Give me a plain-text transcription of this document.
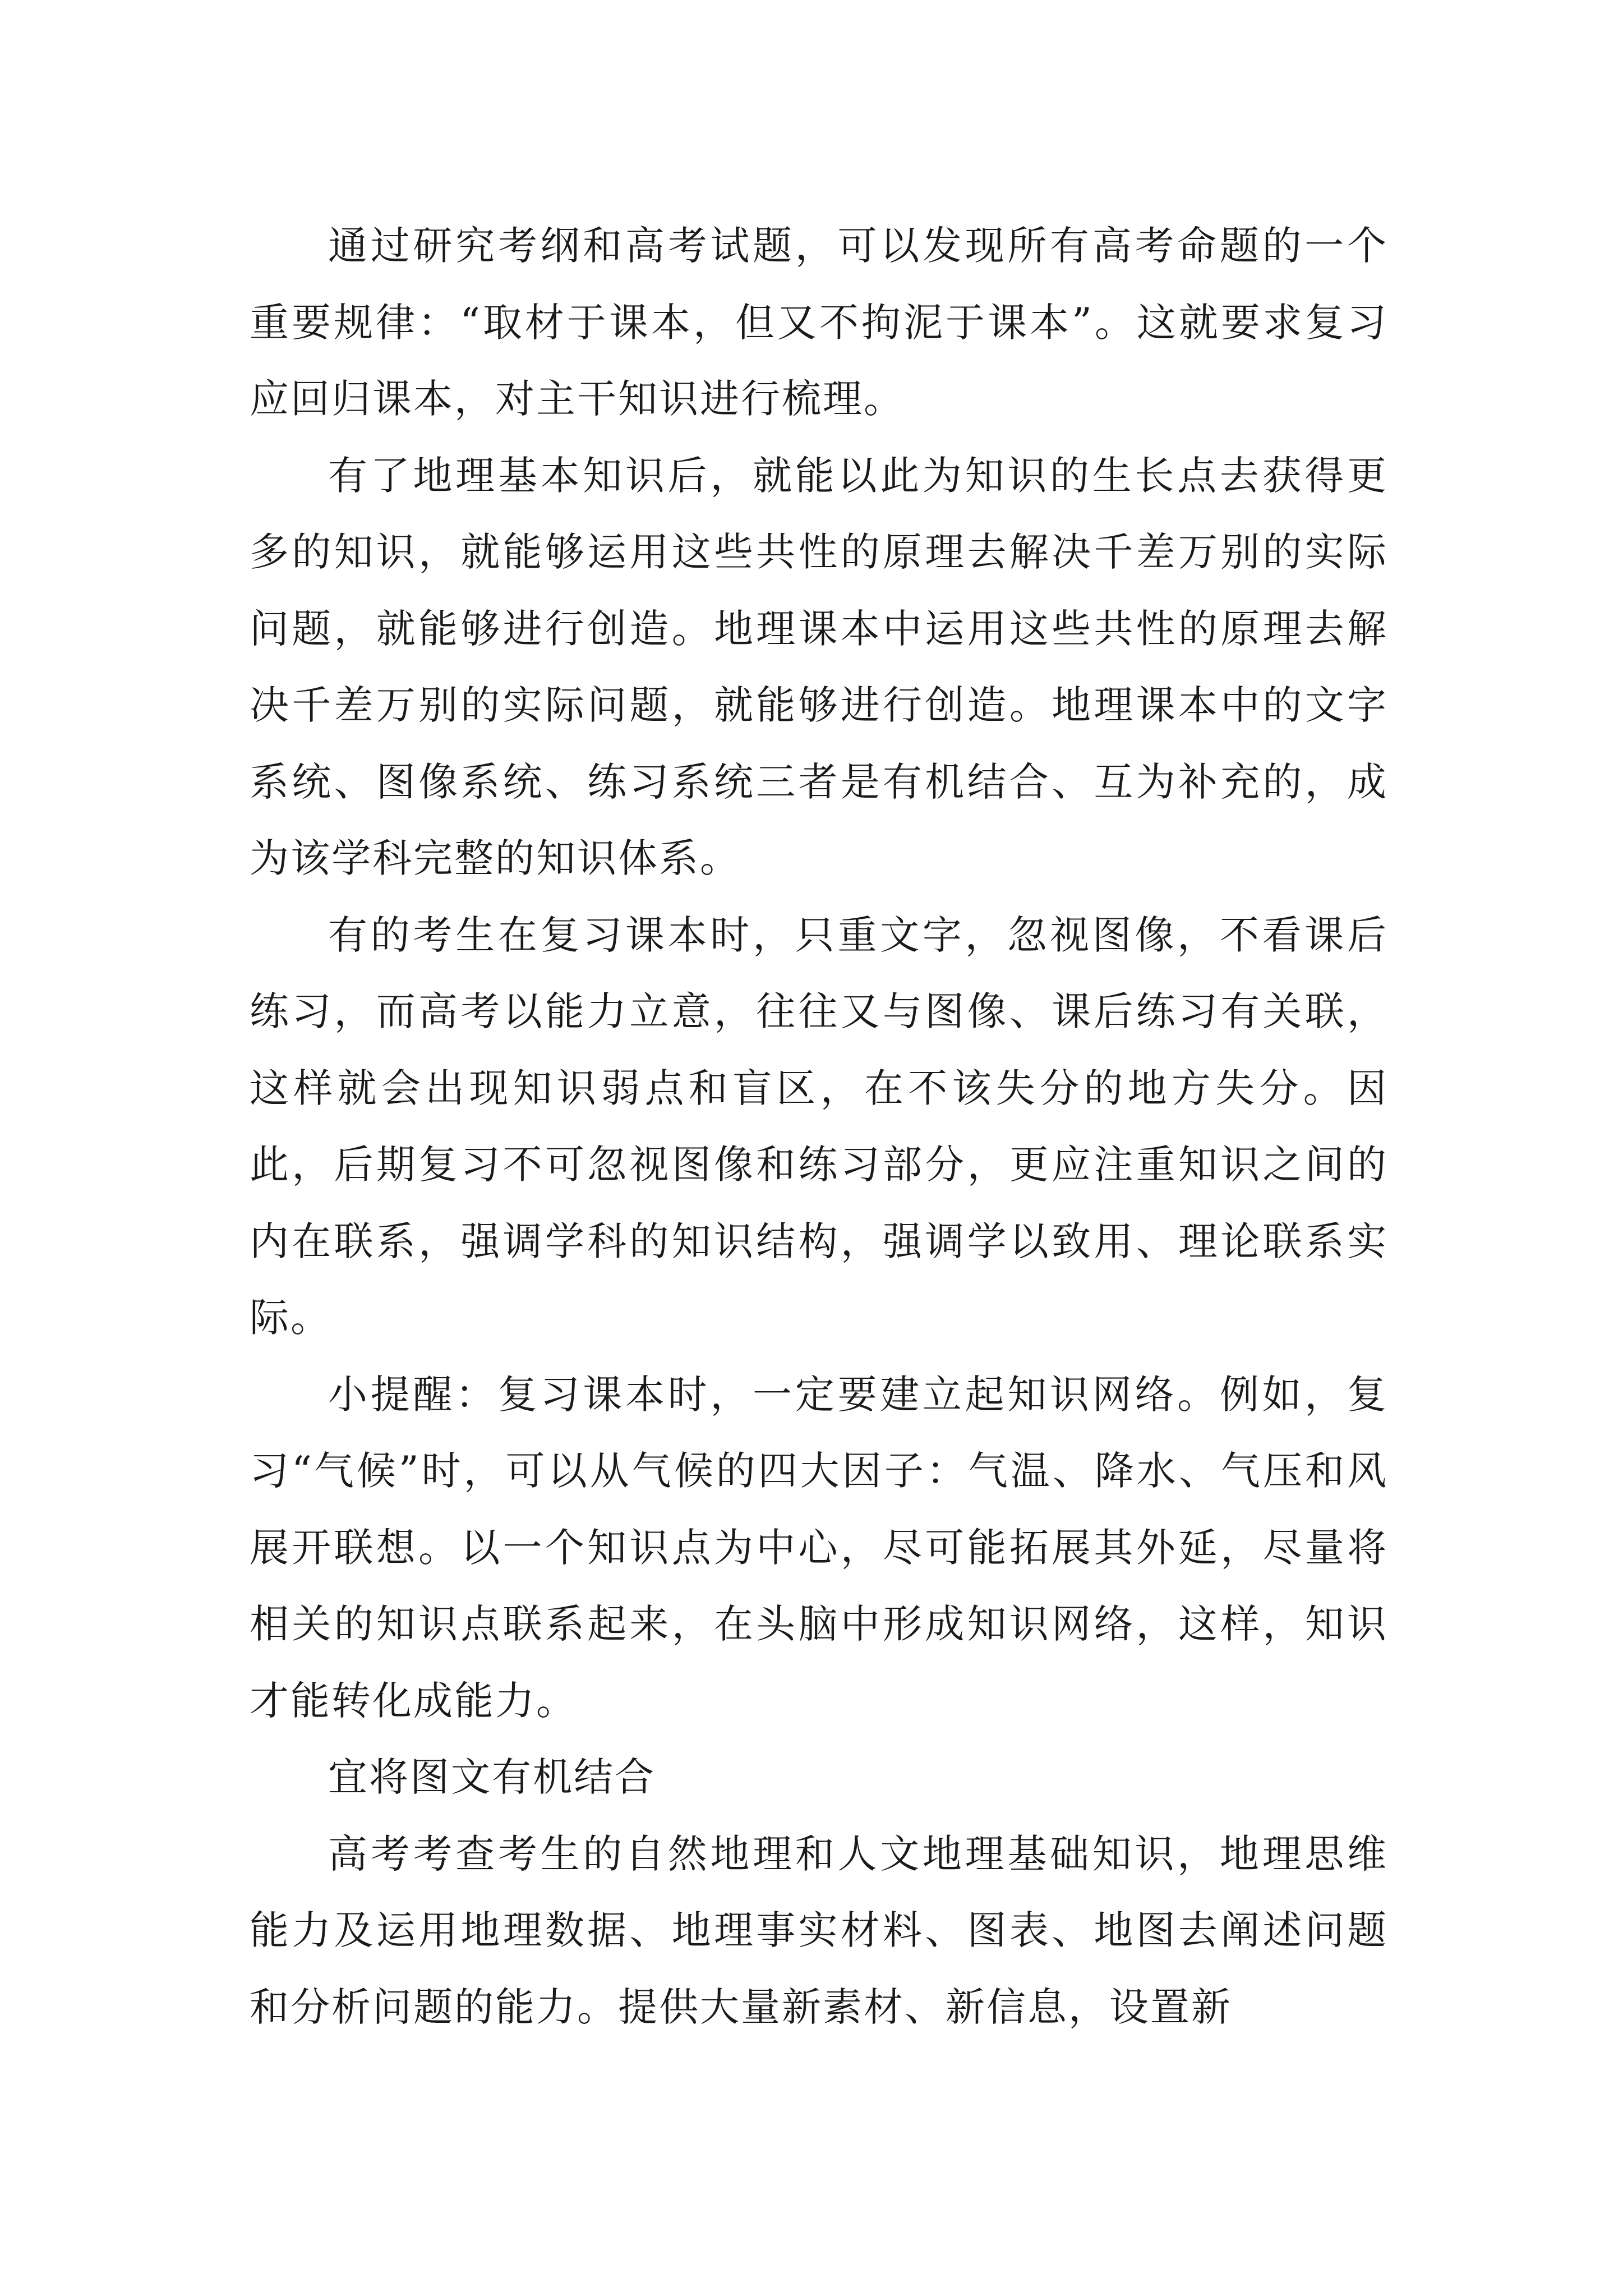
通过研究考纲和高考试题，可以发现所有高考命题的一个重要规律：“取材于课本，但又不拘泥于课本”。这就要求复习应回归课本，对主干知识进行梳理。

有了地理基本知识后，就能以此为知识的生长点去获得更多的知识，就能够运用这些共性的原理去解决千差万别的实际问题，就能够进行创造。地理课本中运用这些共性的原理去解决千差万别的实际问题，就能够进行创造。地理课本中的文字系统、图像系统、练习系统三者是有机结合、互为补充的，成为该学科完整的知识体系。

有的考生在复习课本时，只重文字，忽视图像，不看课后练习，而高考以能力立意，往往又与图像、课后练习有关联，这样就会出现知识弱点和盲区，在不该失分的地方失分。因此，后期复习不可忽视图像和练习部分，更应注重知识之间的内在联系，强调学科的知识结构，强调学以致用、理论联系实际。

小提醒：复习课本时，一定要建立起知识网络。例如，复习“气候”时，可以从气候的四大因子：气温、降水、气压和风展开联想。以一个知识点为中心，尽可能拓展其外延，尽量将相关的知识点联系起来，在头脑中形成知识网络，这样，知识才能转化成能力。

宜将图文有机结合

高考考查考生的自然地理和人文地理基础知识，地理思维能力及运用地理数据、地理事实材料、图表、地图去阐述问题和分析问题的能力。提供大量新素材、新信息，设置新
